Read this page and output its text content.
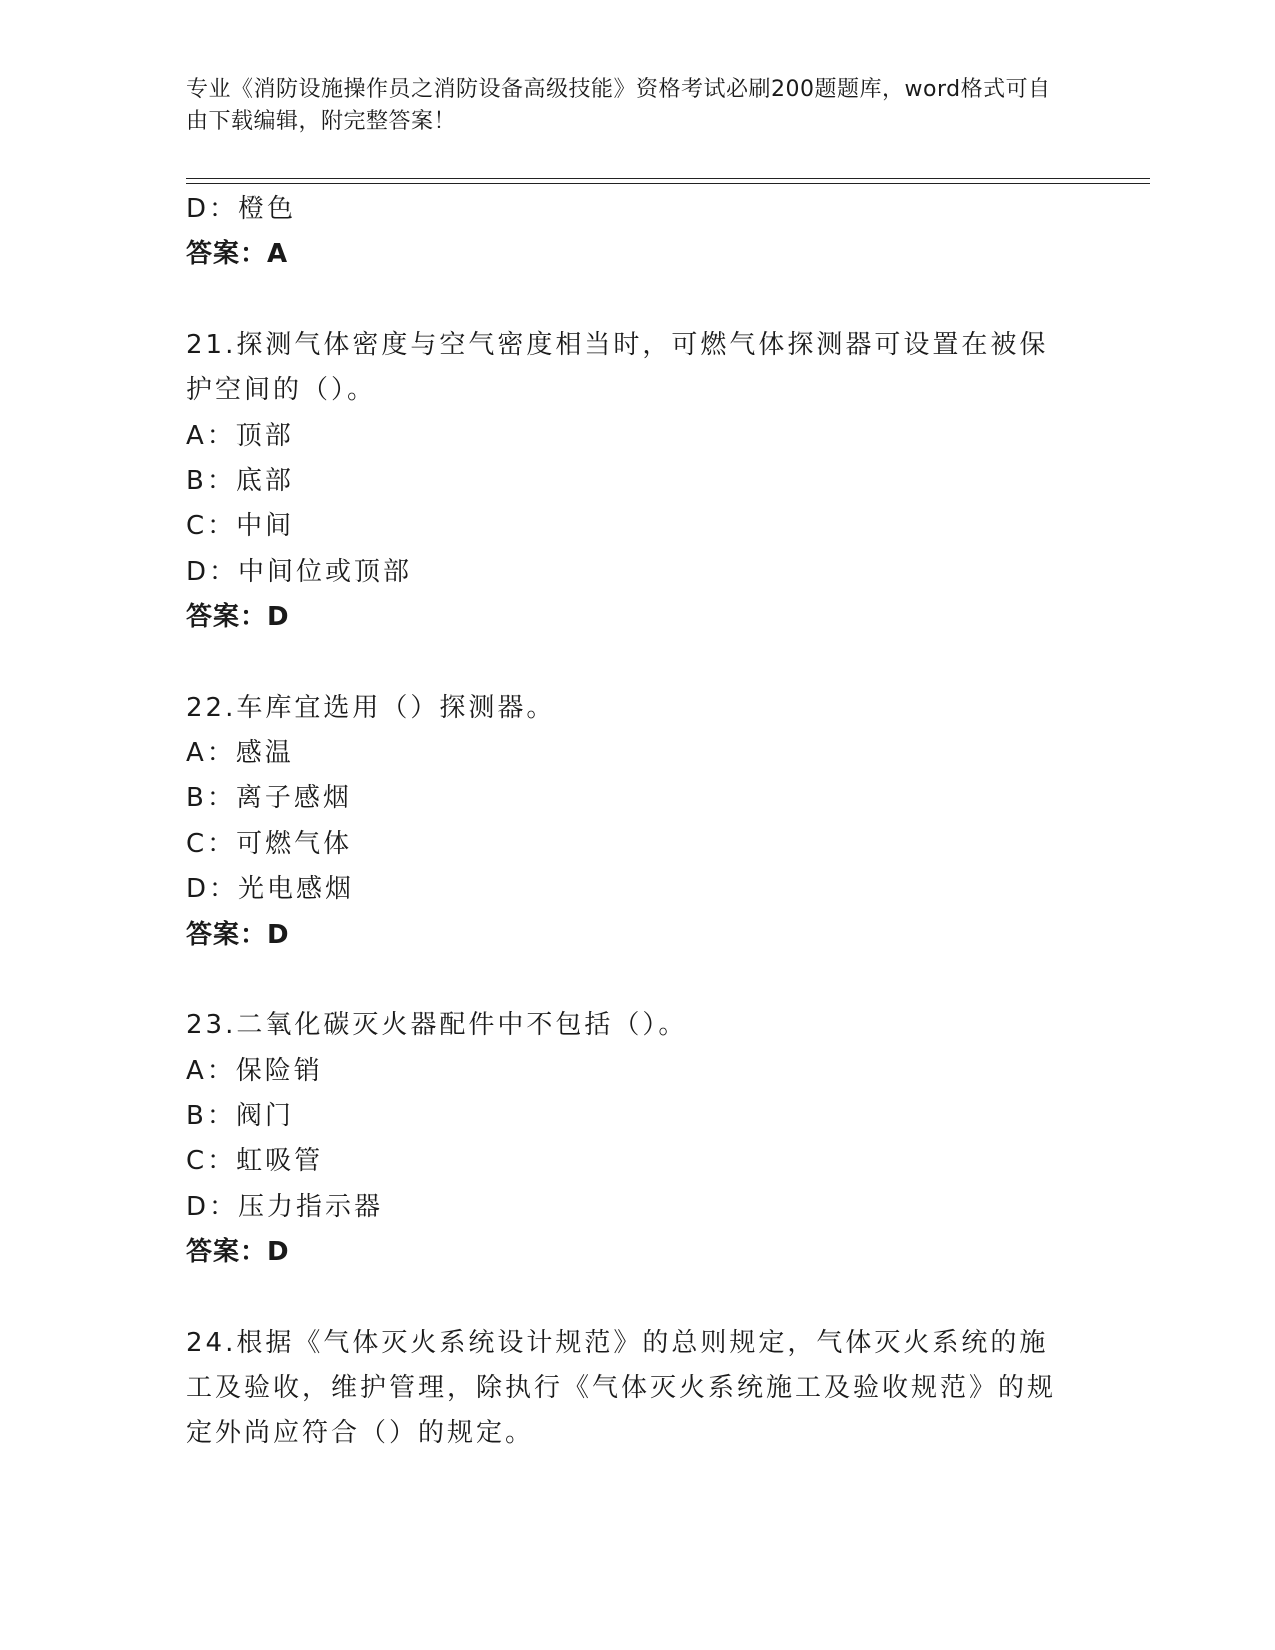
专业《消防设施操作员之消防设备高级技能》资格考试必刷200题题库，word格式可自由下载编辑，附完整答案！
D：橙色
答案：A
21.探测气体密度与空气密度相当时，可燃气体探测器可设置在被保护空间的（）。
A：顶部
B：底部
C：中间
D：中间位或顶部
答案：D
22.车库宜选用（）探测器。
A：感温
B：离子感烟
C：可燃气体
D：光电感烟
答案：D
23.二氧化碳灭火器配件中不包括（）。
A：保险销
B：阀门
C：虹吸管
D：压力指示器
答案：D
24.根据《气体灭火系统设计规范》的总则规定，气体灭火系统的施工及验收，维护管理，除执行《气体灭火系统施工及验收规范》的规定外尚应符合（）的规定。
